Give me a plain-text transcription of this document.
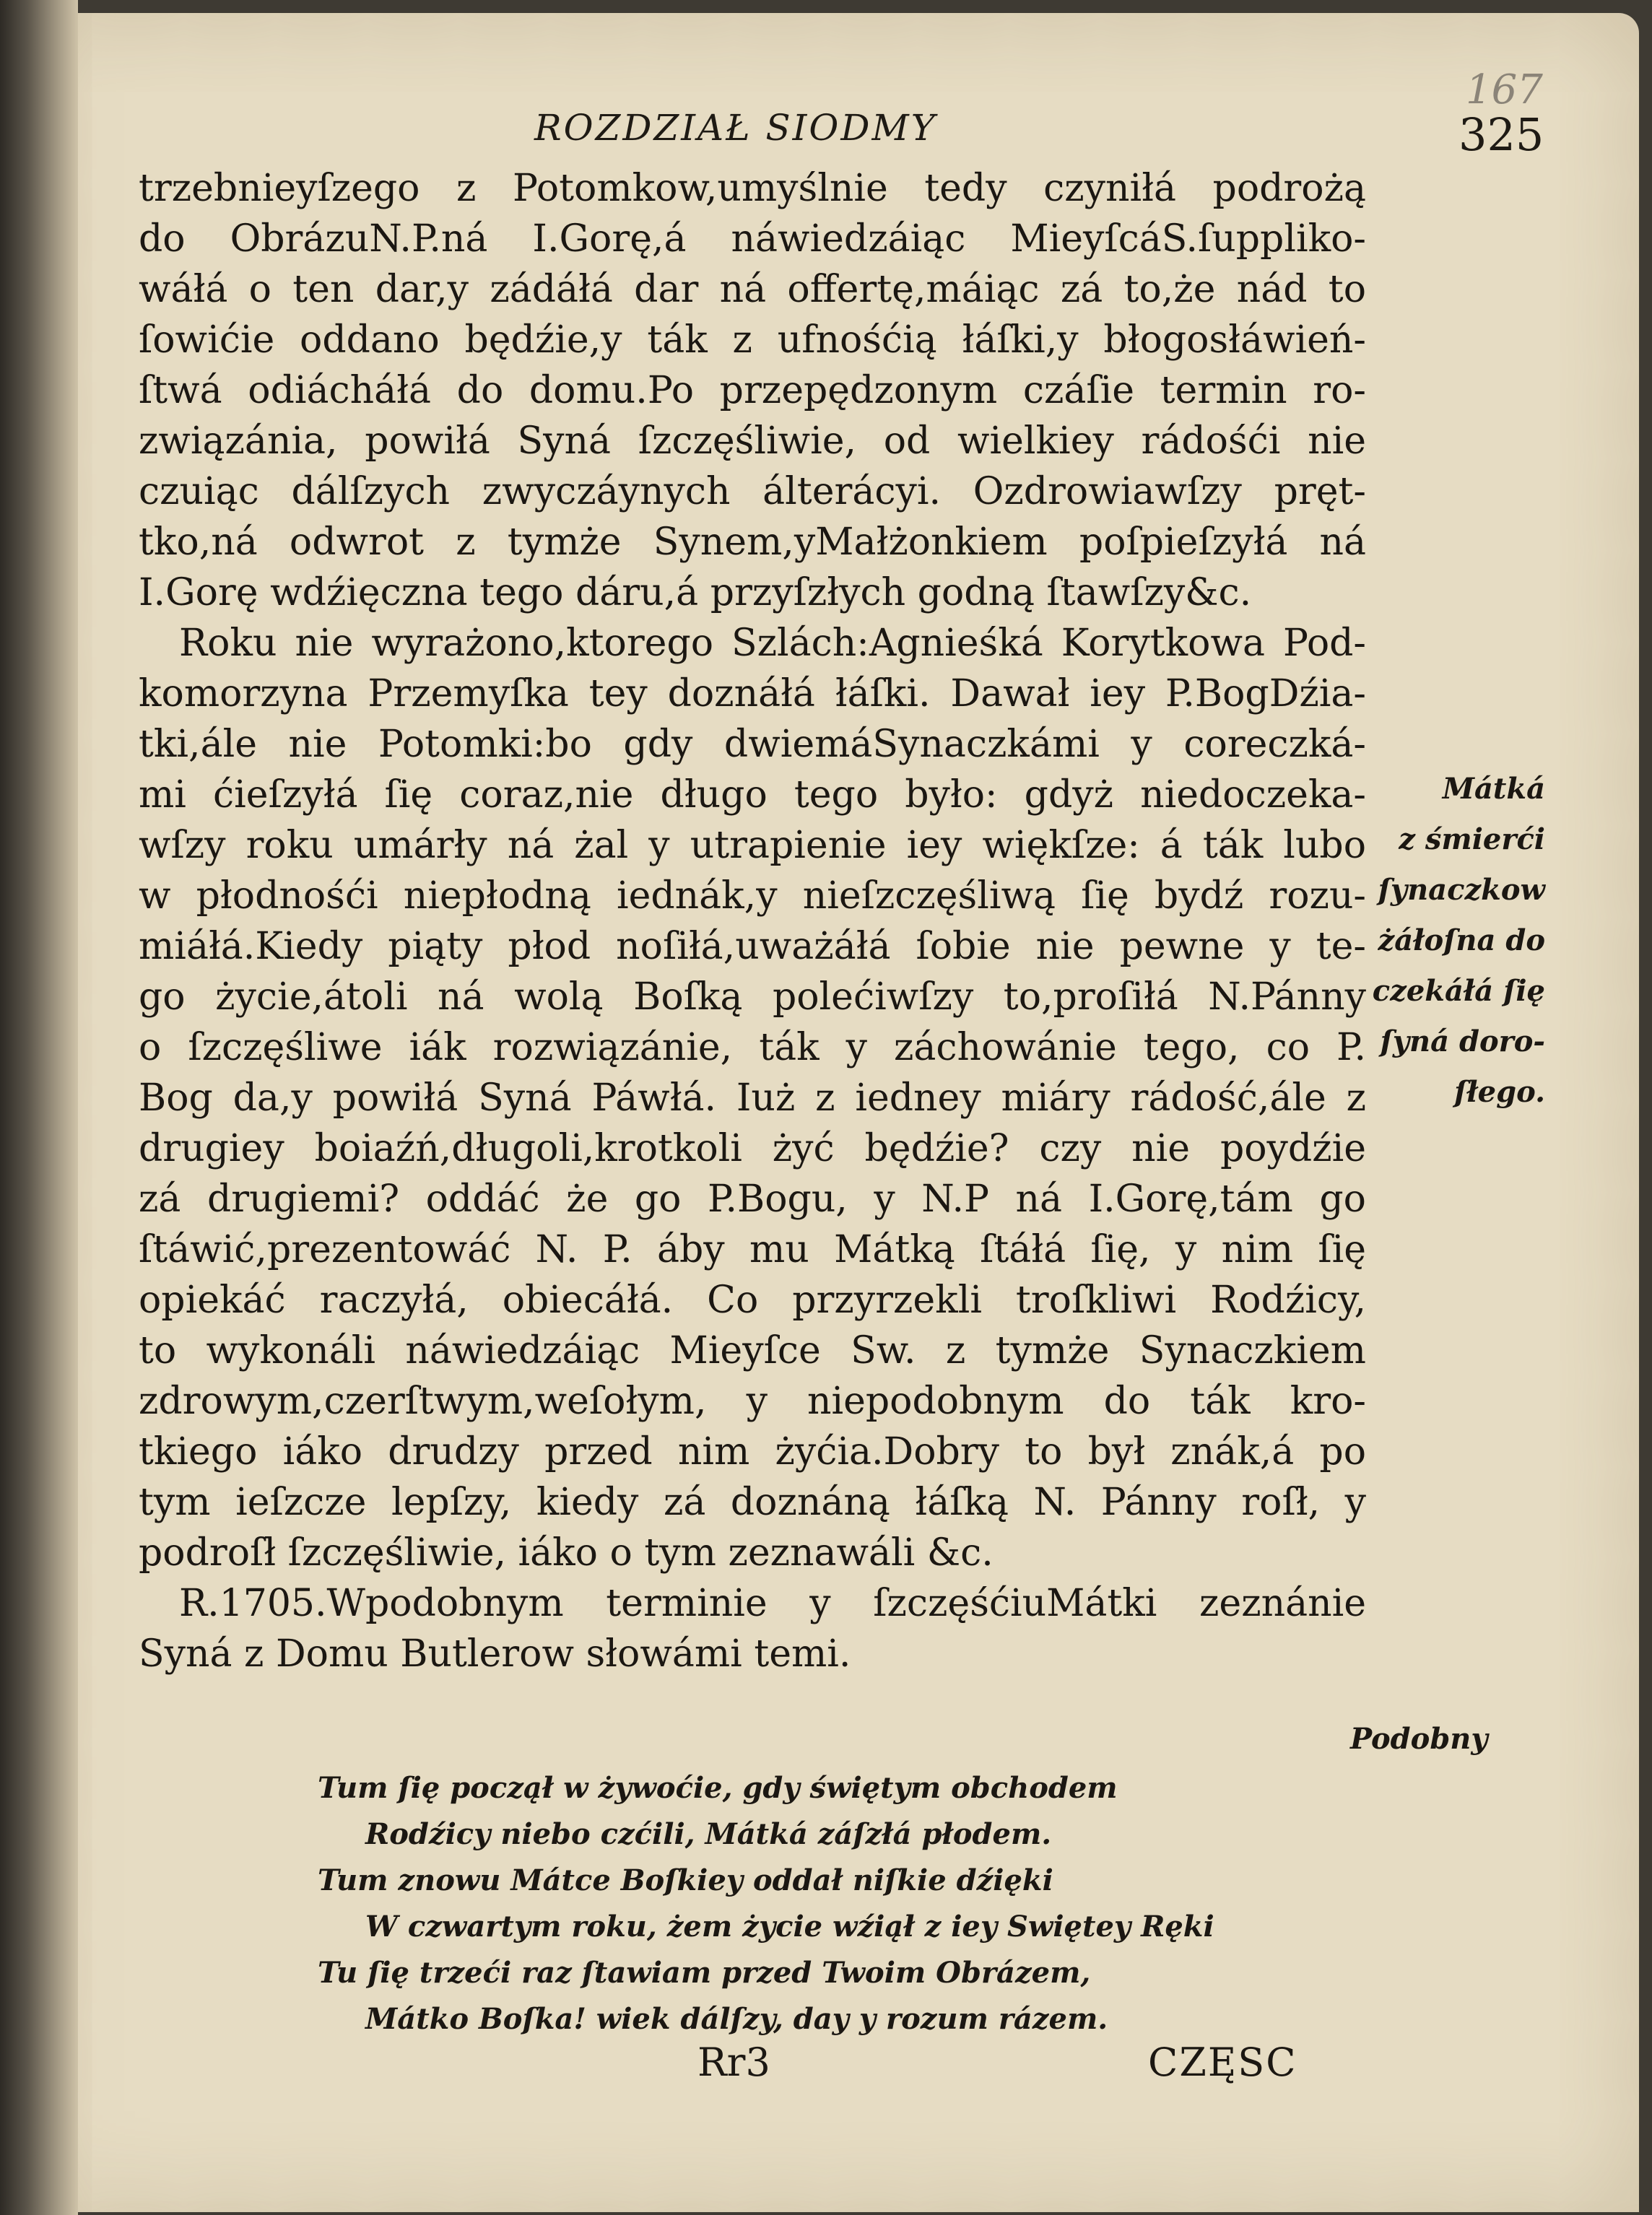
167
ROZDZIAŁ SIODMY	325
trzebnieyſzego z Potomkow,umyślnie tedy czyniłá podrożą
do ObrázuN.P.ná I.Gorę,á náwiedzáiąc MieyſcáS.ſuppliko-
wáłá o ten dar,y zádáłá dar ná offertę,máiąc zá to,że nád to
ſowićie oddano będźie,y ták z ufnośćią łáſki,y błogosłáwień-
ſtwá odiácháłá do domu.Po przepędzonym czáſie termin ro-
związánia, powiłá Syná ſzczęśliwie, od wielkiey rádośći nie
czuiąc dálſzych zwyczáynych álterácyi. Ozdrowiawſzy pręt-
tko,ná odwrot z tymże Synem,yMałżonkiem poſpieſzyłá ná
I.Gorę wdźięczna tego dáru,á przyſzłych godną ſtawſzy&c.
Roku nie wyrażono,ktorego Szlách:Agnieśká Korytkowa Pod-
komorzyna Przemyſka tey doznáłá łáſki. Dawał iey P.BogDźia-
tki,ále nie Potomki:bo gdy dwiemáSynaczkámi y coreczká-
mi ćieſzyłá ſię coraz,nie długo tego było: gdyż niedoczeka-
wſzy roku umárły ná żal y utrapienie iey więkſze: á ták lubo
w płodnośći niepłodną iednák,y nieſzczęśliwą ſię bydź rozu-
miáłá.Kiedy piąty płod noſiłá,uważáłá ſobie nie pewne y te-
go życie,átoli ná wolą Boſką polećiwſzy to,proſiłá N.Pánny
o ſzczęśliwe iák rozwiązánie, ták y záchowánie tego, co P.
Bog da,y powiłá Syná Páwłá. Iuż z iedney miáry rádość,ále z
drugiey boiaźń,długoli,krotkoli żyć będźie? czy nie poydźie
zá drugiemi? oddáć że go P.Bogu, y N.P ná I.Gorę,tám go
ſtáwić,prezentowáć N. P. áby mu Mátką ſtáłá ſię, y nim ſię
opiekáć raczyłá, obiecáłá. Co przyrzekli troſkliwi Rodźicy,
to wykonáli náwiedzáiąc Mieyſce Sw. z tymże Synaczkiem
zdrowym,czerſtwym,weſołym, y niepodobnym do ták kro-
tkiego iáko drudzy przed nim żyćia.Dobry to był znák,á po
tym ieſzcze lepſzy, kiedy zá doznáną łáſką N. Pánny roſł, y
podroſł ſzczęśliwie, iáko o tym zeznawáli &c.
R.1705.Wpodobnym terminie y ſzczęśćiuMátki zeznánie
Syná z Domu Butlerow słowámi temi.
Mátká
z śmierći
ſynaczkow
żáłoſna do
czekáłá ſię
ſyná doro-
ſłego.
Podobny
Tum ſię począł w żywoćie, gdy świętym obchodem
Rodźicy niebo czćili, Mátká záſzłá płodem.
Tum znowu Mátce Boſkiey oddał niſkie dźięki
W czwartym roku, żem życie wźiął z iey Swiętey Ręki
Tu ſię trzeći raz ſtawiam przed Twoim Obrázem,
Mátko Boſka! wiek dálſzy, day y rozum rázem.
Rr3	CZĘSC
